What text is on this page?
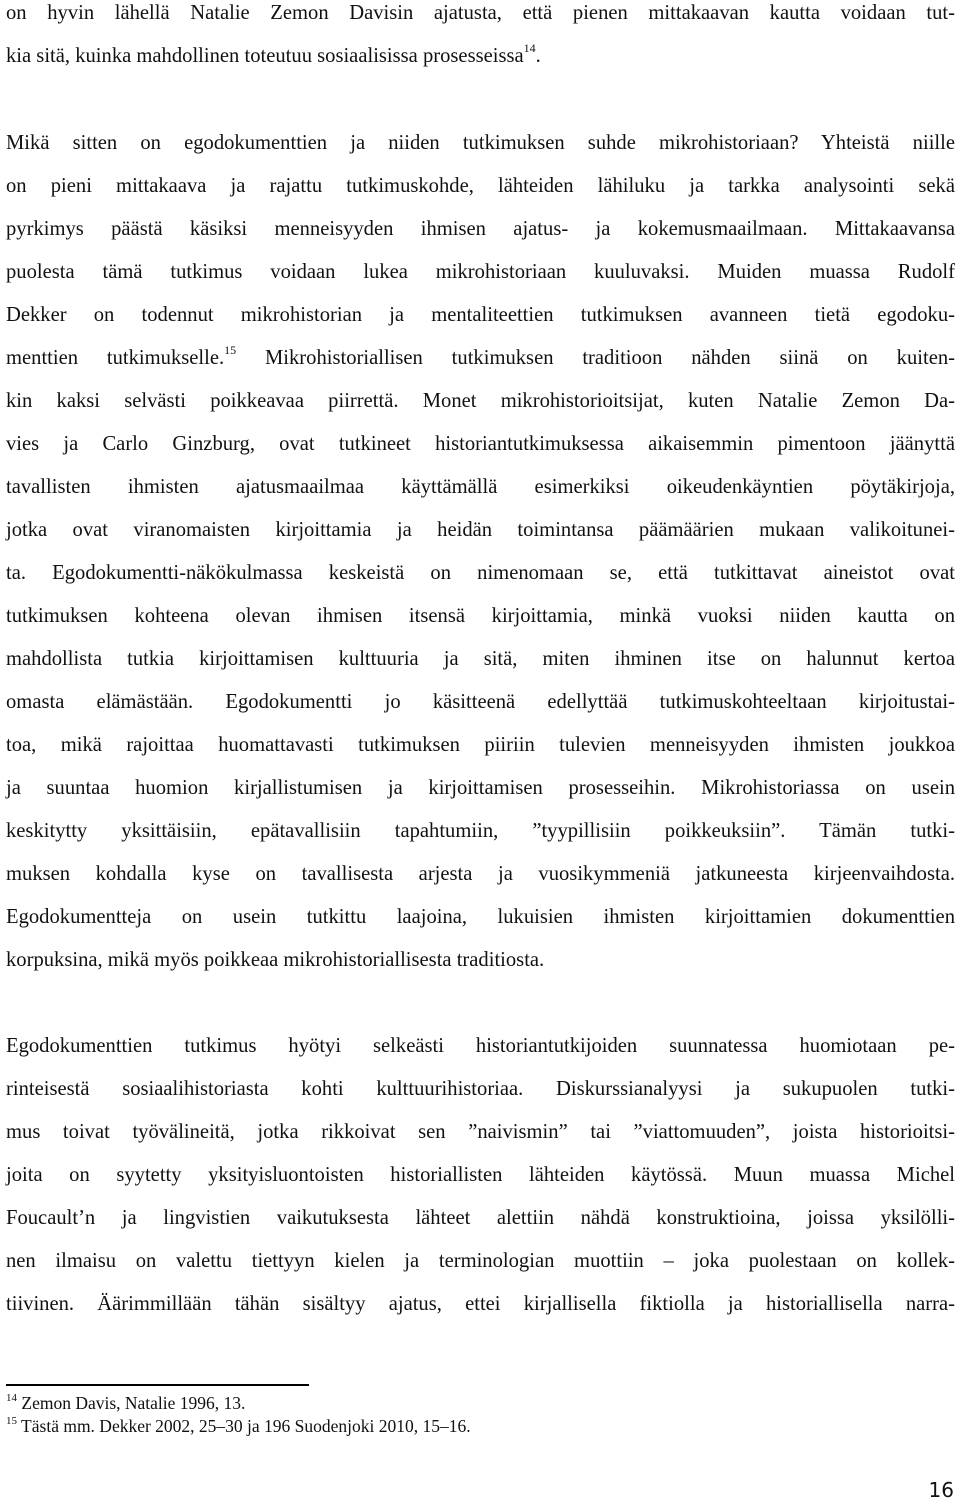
on hyvin lähellä Natalie Zemon Davisin ajatusta, että pienen mittakaavan kautta voidaan tut-
kia sitä, kuinka mahdollinen toteutuu sosiaalisissa prosesseissa$^{14}$.
Mikä sitten on egodokumenttien ja niiden tutkimuksen suhde mikrohistoriaan? Yhteistä niille
on pieni mittakaava ja rajattu tutkimuskohde, lähteiden lähiluku ja tarkka analysointi sekä
pyrkimys päästä käsiksi menneisyyden ihmisen ajatus- ja kokemusmaailmaan. Mittakaavansa
puolesta tämä tutkimus voidaan lukea mikrohistoriaan kuuluvaksi. Muiden muassa Rudolf
Dekker on todennut mikrohistorian ja mentaliteettien tutkimuksen avanneen tietä egodoku-
menttien tutkimukselle.$^{15}$ Mikrohistoriallisen tutkimuksen traditioon nähden siinä on kuiten-
kin kaksi selvästi poikkeavaa piirrettä. Monet mikrohistorioitsijat, kuten Natalie Zemon Da-
vies ja Carlo Ginzburg, ovat tutkineet historiantutkimuksessa aikaisemmin pimentoon jäänyttä
tavallisten ihmisten ajatusmaailmaa käyttämällä esimerkiksi oikeudenkäyntien pöytäkirjoja,
jotka ovat viranomaisten kirjoittamia ja heidän toimintansa päämäärien mukaan valikoitunei-
ta. Egodokumentti-näkökulmassa keskeistä on nimenomaan se, että tutkittavat aineistot ovat
tutkimuksen kohteena olevan ihmisen itsensä kirjoittamia, minkä vuoksi niiden kautta on
mahdollista tutkia kirjoittamisen kulttuuria ja sitä, miten ihminen itse on halunnut kertoa
omasta elämästään. Egodokumentti jo käsitteenä edellyttää tutkimuskohteeltaan kirjoitustai-
toa, mikä rajoittaa huomattavasti tutkimuksen piiriin tulevien menneisyyden ihmisten joukkoa
ja suuntaa huomion kirjallistumisen ja kirjoittamisen prosesseihin. Mikrohistoriassa on usein
keskitytty yksittäisiin, epätavallisiin tapahtumiin, ”tyypillisiin poikkeuksiin”. Tämän tutki-
muksen kohdalla kyse on tavallisesta arjesta ja vuosikymmeniä jatkuneesta kirjeenvaihdosta.
Egodokumentteja on usein tutkittu laajoina, lukuisien ihmisten kirjoittamien dokumenttien
korpuksina, mikä myös poikkeaa mikrohistoriallisesta traditiosta.
Egodokumenttien tutkimus hyötyi selkeästi historiantutkijoiden suunnatessa huomiotaan pe-
rinteisestä sosiaalihistoriasta kohti kulttuurihistoriaa. Diskurssianalyysi ja sukupuolen tutki-
mus toivat työvälineitä, jotka rikkoivat sen ”naivismin” tai ”viattomuuden”, joista historioitsi-
joita on syytetty yksityisluontoisten historiallisten lähteiden käytössä. Muun muassa Michel
Foucault’n ja lingvistien vaikutuksesta lähteet alettiin nähdä konstruktioina, joissa yksilölli-
nen ilmaisu on valettu tiettyyn kielen ja terminologian muottiin – joka puolestaan on kollek-
tiivinen. Äärimmillään tähän sisältyy ajatus, ettei kirjallisella fiktiolla ja historiallisella narra-
$^{14}$ Zemon Davis, Natalie 1996, 13.
$^{15}$ Tästä mm. Dekker 2002, 25–30 ja 196 Suodenjoki 2010, 15–16.
16
